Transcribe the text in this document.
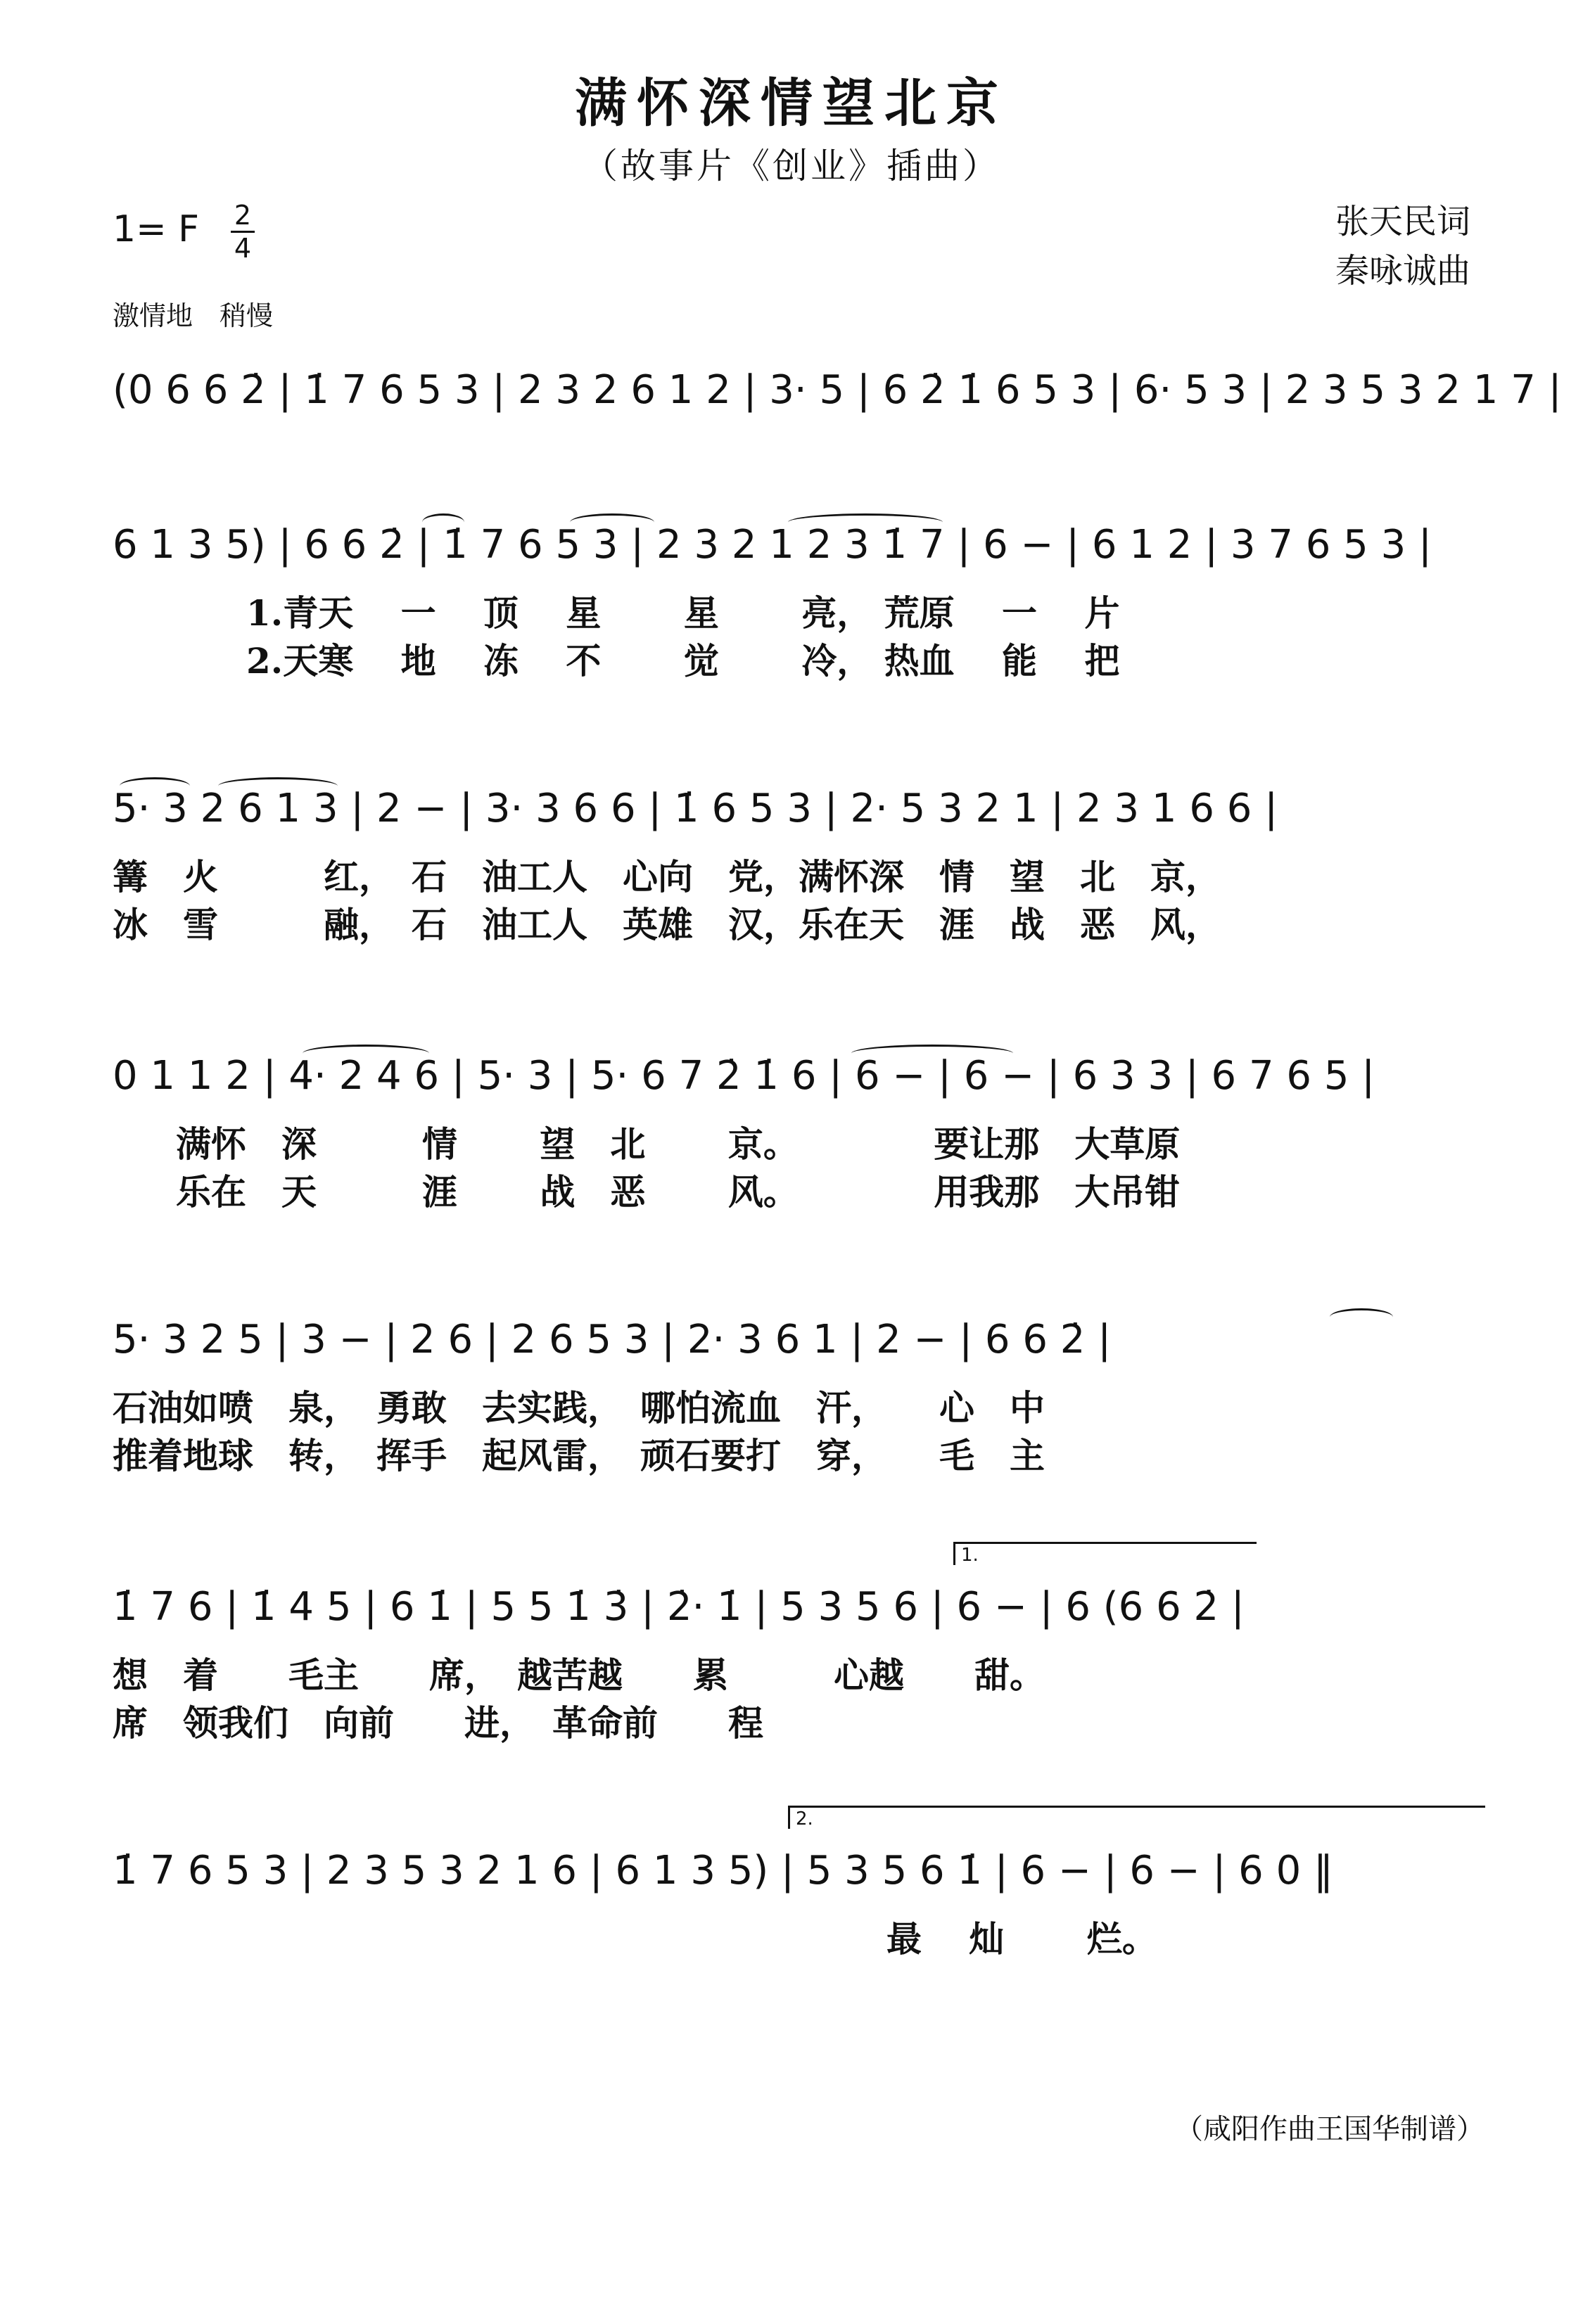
满怀深情望北京
（故事片《创业》插曲）
1= F 2
4
张天民词
秦咏诚曲
激情地　稍慢
(0 6 6 2̇ | 1̇ 7 6 5 3 | 2 3 2 6 1 2 | 3· 5 | 6 2̇ 1̇ 6 5 3 | 6· 5 3 | 2 3 5 3 2 1 7 |
6 1 3 5) | 6 6 2̇ | 1̇ 7 6 5 3 | 2 3 2 1 2 3 1̇ 7 | 6 − | 6 1 2 | 3 7 6 5 3 |
1.青天　 一　 顶　 星　　 星　　 亮， 荒原　 一　 片
2.天寒　 地　 冻　 不　　 觉　　 冷， 热血　 能　 把
5· 3 2 6 1 3 | 2 − | 3· 3 6 6 | 1̇ 6 5 3 | 2· 5 3 2 1 | 2 3 1 6 6 |
篝　火　　　红，　石　油工人　心向　党，满怀深　情　望　北　京，
冰　雪　　　融，　石　油工人　英雄　汉，乐在天　涯　战　恶　风，
0 1 1 2 | 4· 2 4 6 | 5· 3 | 5· 6 7 2̇ 1̇ 6 | 6 − | 6 − | 6 3 3 | 6 7 6 5 |
　满怀　深　　　情　　 望　北　　 京。　　　　 要让那　大草原
　乐在　天　　　涯　　 战　恶　　 风。　　　　 用我那　大吊钳
5· 3 2 5 | 3 − | 2 6 | 2 6 5 3 | 2· 3 6 1 | 2 − | 6 6 2̇ |
石油如喷　泉，　勇敢　去实践，　哪怕流血　汗，　　心　中
推着地球　转，　挥手　起风雷，　顽石要打　穿，　　毛　主
1.
1̇ 7 6 | 1̇ 4 5 | 6 1̇ | 5 5 1̇ 3̇ | 2̇· 1̇ | 5 3 5 6 | 6 − | 6 (6 6 2̇ |
想　着　　毛主　　席，　越苦越　　累　　　心越　　甜。
席　领我们　向前　　进，　革命前　　程
2.
1̇ 7 6 5 3 | 2 3 5 3 2 1 6 | 6 1 3 5) | 5 3 5 6 1̇ | 6 − | 6 − | 6 0 ‖
　　　　　　　　　　　　　　　　　　　　　　最　 灿　　 烂。
（咸阳作曲王国华制谱）
